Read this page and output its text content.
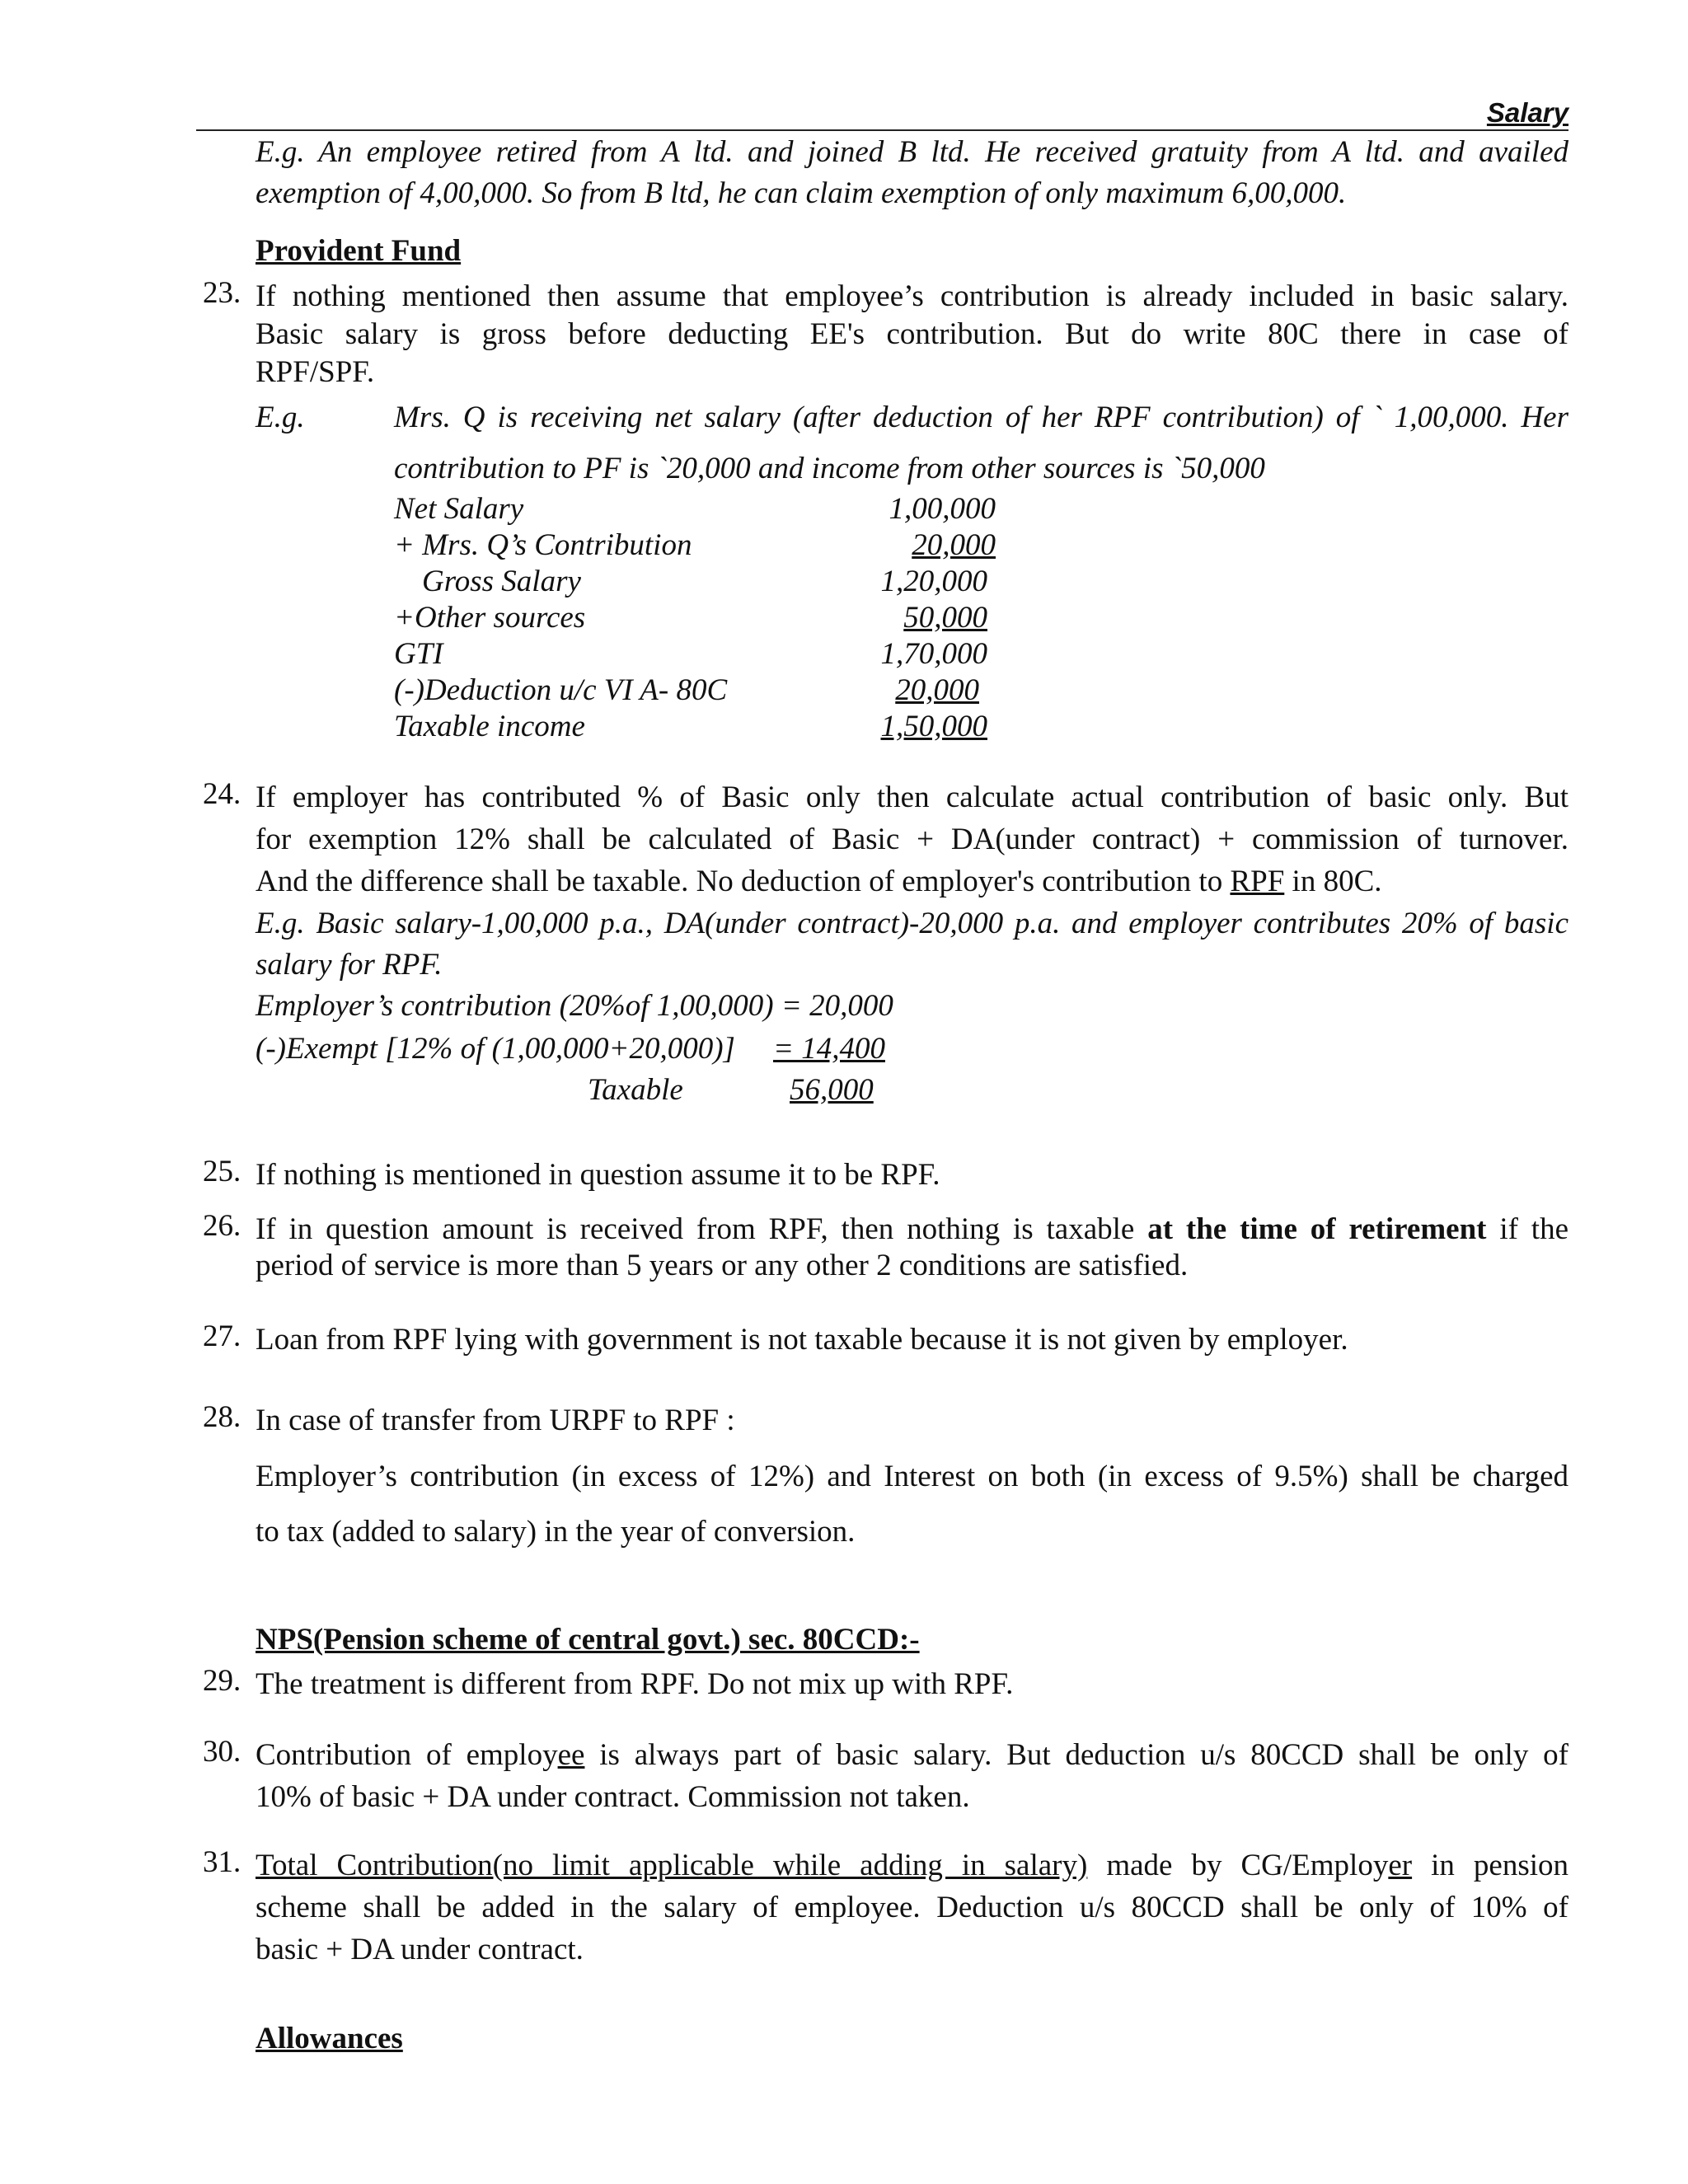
Salary
E.g. An employee retired from A ltd. and joined B ltd. He received gratuity from A ltd. and availed
exemption of 4,00,000. So from B ltd, he can claim exemption of only maximum 6,00,000.
Provident Fund
23. If nothing mentioned then assume that employee’s contribution is already included in basic salary.
Basic salary is gross before deducting EE's contribution. But do write 80C there in case of
RPF/SPF.
E.g.	Mrs. Q is receiving net salary (after deduction of her RPF contribution) of ` 1,00,000. Her
contribution to PF is `20,000 and income from other sources is `50,000
Net Salary	1,00,000
+ Mrs. Q’s Contribution	20,000
Gross Salary	1,20,000
+Other sources	50,000
GTI	1,70,000
(-)Deduction u/c VI A- 80C	20,000
Taxable income	1,50,000
24. If employer has contributed % of Basic only then calculate actual contribution of basic only. But
for exemption 12% shall be calculated of Basic + DA(under contract) + commission of turnover.
And the difference shall be taxable. No deduction of employer's contribution to RPF in 80C.
E.g. Basic salary-1,00,000 p.a., DA(under contract)-20,000 p.a. and employer contributes 20% of basic
salary for RPF.
Employer’s contribution (20%of 1,00,000) = 20,000
(-)Exempt [12% of (1,00,000+20,000)] = 14,400
Taxable	56,000
25. If nothing is mentioned in question assume it to be RPF.
26. If in question amount is received from RPF, then nothing is taxable at the time of retirement if the
period of service is more than 5 years or any other 2 conditions are satisfied.
27. Loan from RPF lying with government is not taxable because it is not given by employer.
28. In case of transfer from URPF to RPF :
Employer’s contribution (in excess of 12%) and Interest on both (in excess of 9.5%) shall be charged
to tax (added to salary) in the year of conversion.
NPS(Pension scheme of central govt.) sec. 80CCD:-
29. The treatment is different from RPF. Do not mix up with RPF.
30. Contribution of employee is always part of basic salary. But deduction u/s 80CCD shall be only of
10% of basic + DA under contract. Commission not taken.
31. Total Contribution(no limit applicable while adding in salary) made by CG/Employer in pension
scheme shall be added in the salary of employee. Deduction u/s 80CCD shall be only of 10% of
basic + DA under contract.
Allowances
